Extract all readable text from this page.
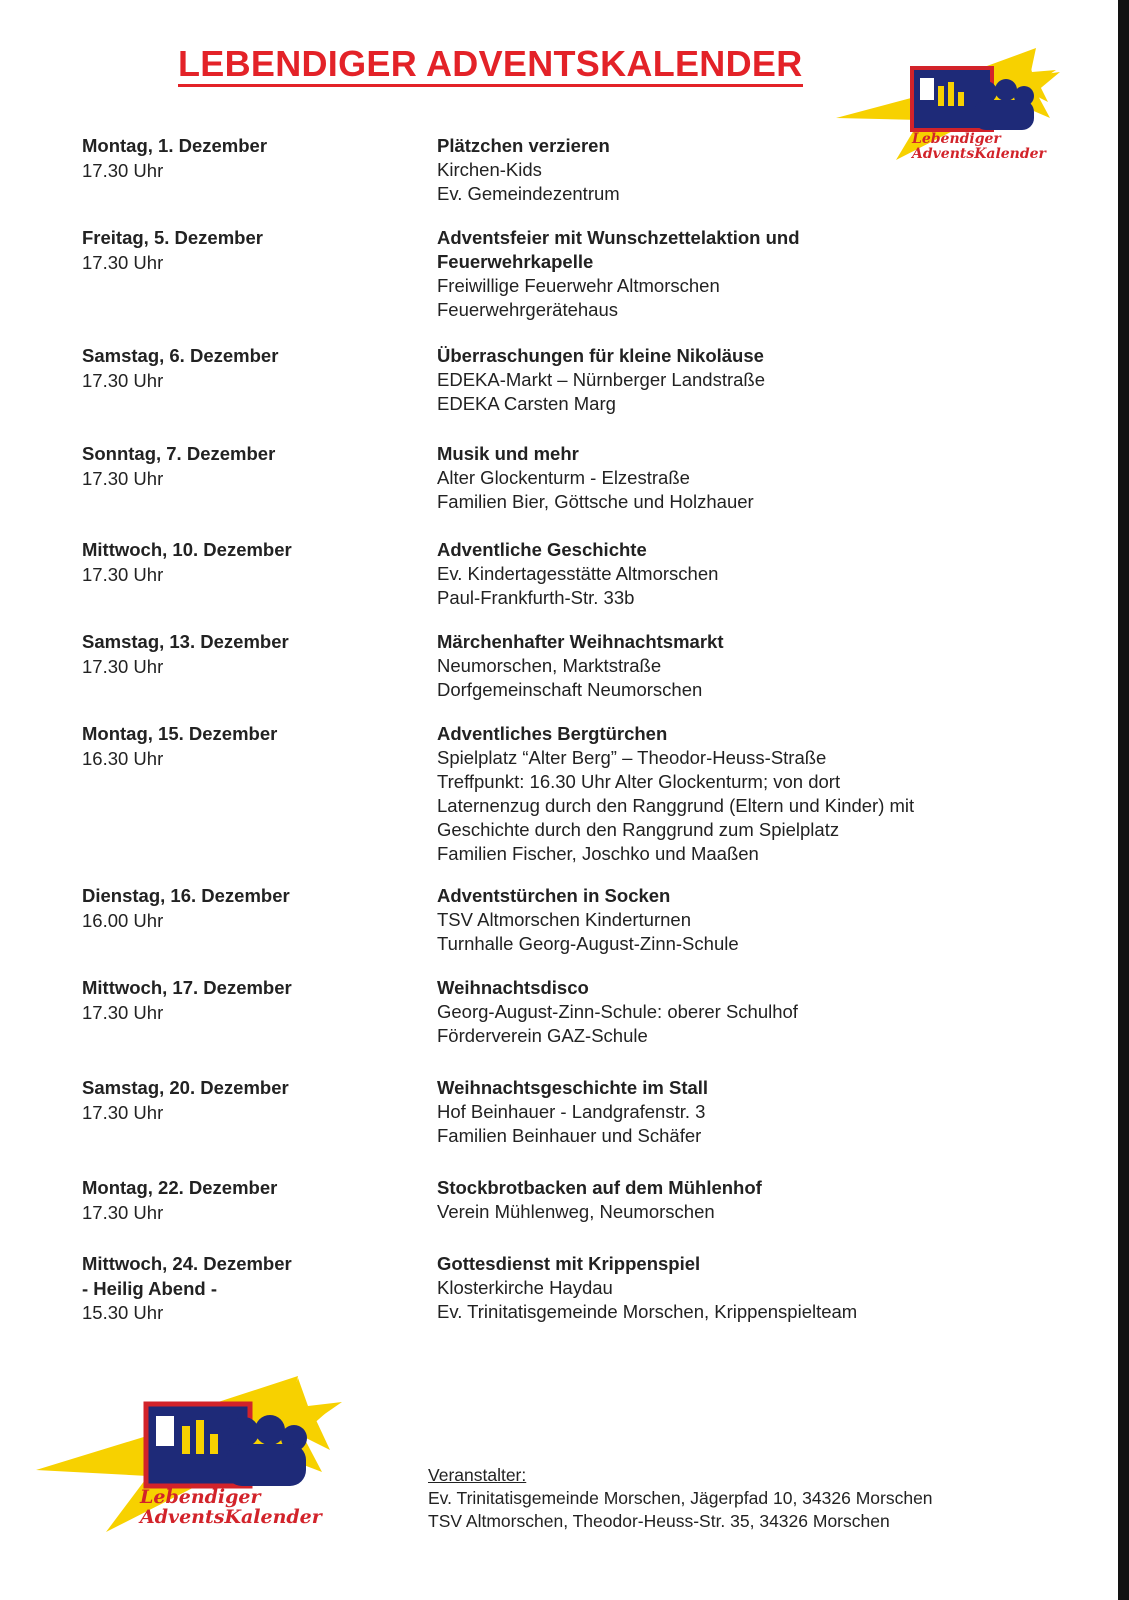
LEBENDIGER ADVENTSKALENDER
Lebendiger
AdventsKalender
Montag, 1. Dezember
17.30 Uhr
Plätzchen verzieren
Kirchen-Kids
Ev. Gemeindezentrum
Freitag, 5. Dezember
17.30 Uhr
Adventsfeier mit Wunschzettelaktion und Feuerwehrkapelle
Freiwillige Feuerwehr Altmorschen
Feuerwehrgerätehaus
Samstag, 6. Dezember
17.30 Uhr
Überraschungen für kleine Nikoläuse
EDEKA-Markt – Nürnberger Landstraße
EDEKA Carsten Marg
Sonntag, 7. Dezember
17.30 Uhr
Musik und mehr
Alter Glockenturm - Elzestraße
Familien Bier, Göttsche und Holzhauer
Mittwoch, 10. Dezember
17.30 Uhr
Adventliche Geschichte
Ev. Kindertagesstätte Altmorschen
Paul-Frankfurth-Str. 33b
Samstag, 13. Dezember
17.30 Uhr
Märchenhafter Weihnachtsmarkt
Neumorschen, Marktstraße
Dorfgemeinschaft Neumorschen
Montag, 15. Dezember
16.30 Uhr
Adventliches Bergtürchen
Spielplatz “Alter Berg” – Theodor-Heuss-Straße
Treffpunkt: 16.30 Uhr Alter Glockenturm; von dort
Laternenzug durch den Ranggrund (Eltern und Kinder) mit
Geschichte durch den Ranggrund zum Spielplatz
Familien Fischer, Joschko und Maaßen
Dienstag, 16. Dezember
16.00 Uhr
Adventstürchen in Socken
TSV Altmorschen Kinderturnen
Turnhalle Georg-August-Zinn-Schule
Mittwoch, 17. Dezember
17.30 Uhr
Weihnachtsdisco
Georg-August-Zinn-Schule: oberer Schulhof
Förderverein GAZ-Schule
Samstag, 20. Dezember
17.30 Uhr
Weihnachtsgeschichte im Stall
Hof Beinhauer - Landgrafenstr. 3
Familien Beinhauer und Schäfer
Montag, 22. Dezember
17.30 Uhr
Stockbrotbacken auf dem Mühlenhof
Verein Mühlenweg, Neumorschen
Mittwoch, 24. Dezember
- Heilig Abend -
15.30 Uhr
Gottesdienst mit Krippenspiel
Klosterkirche Haydau
Ev. Trinitatisgemeinde Morschen, Krippenspielteam
Lebendiger
AdventsKalender
Veranstalter:
Ev. Trinitatisgemeinde Morschen, Jägerpfad 10, 34326 Morschen
TSV Altmorschen, Theodor-Heuss-Str. 35, 34326 Morschen
